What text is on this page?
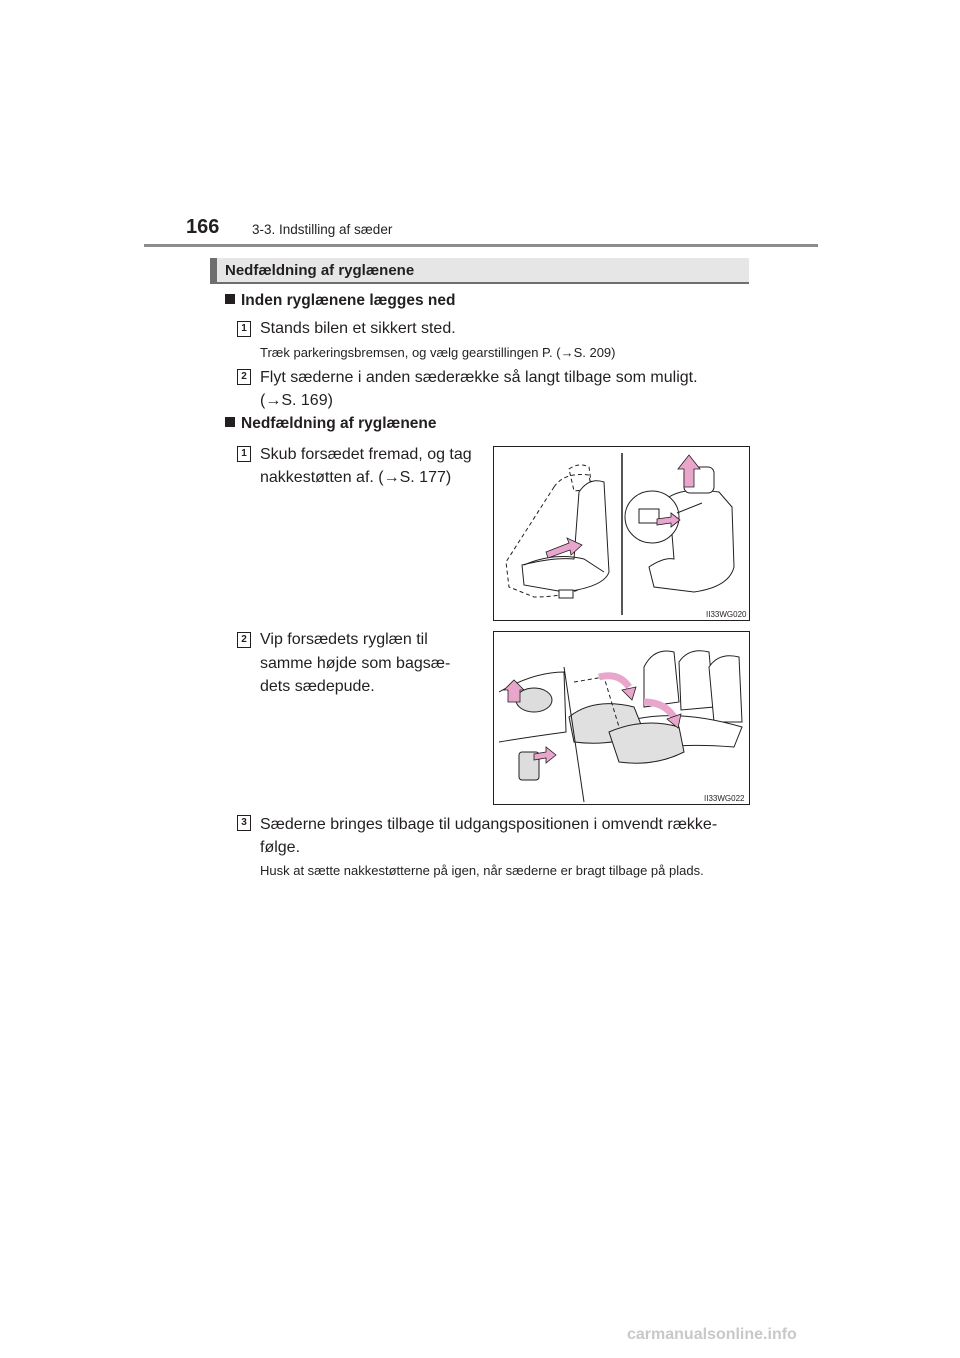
166 3-3. Indstilling af sæder
Nedfældning af ryglænene
Inden ryglænene lægges ned
1 Stands bilen et sikkert sted.
Træk parkeringsbremsen, og vælg gearstillingen P. (→S. 209)
2 Flyt sæderne i anden sæderække så langt tilbage som muligt.
(→S. 169)
Nedfældning af ryglænene
1 Skub forsædet fremad, og tag
nakkestøtten af. (→S. 177)
II33WG020
2 Vip forsædets ryglæn til
samme højde som bagsæ-
dets sædepude.
II33WG022
3 Sæderne bringes tilbage til udgangspositionen i omvendt række-
følge.
Husk at sætte nakkestøtterne på igen, når sæderne er bragt tilbage på plads.
carmanualsonline.info
